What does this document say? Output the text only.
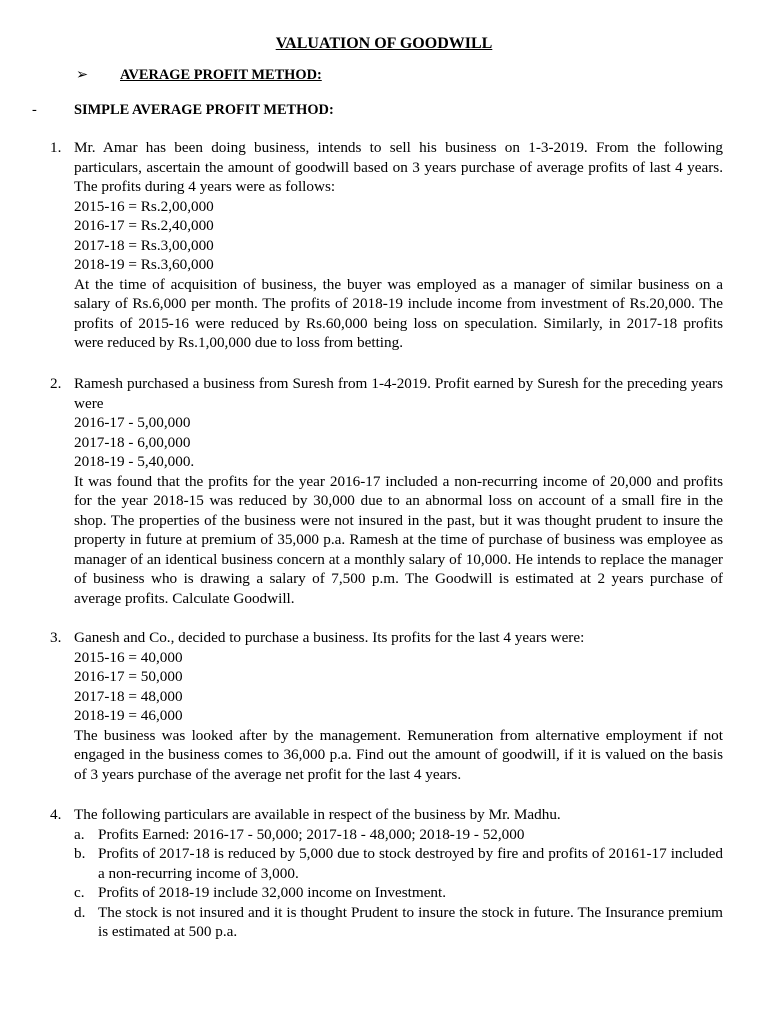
VALUATION OF GOODWILL
➢ AVERAGE PROFIT METHOD:
-	SIMPLE AVERAGE PROFIT METHOD:
1. Mr. Amar has been doing business, intends to sell his business on 1-3-2019. From the following particulars, ascertain the amount of goodwill based on 3 years purchase of average profits of last 4 years. The profits during 4 years were as follows:
2015-16 = Rs.2,00,000
2016-17 = Rs.2,40,000
2017-18 = Rs.3,00,000
2018-19 = Rs.3,60,000
At the time of acquisition of business, the buyer was employed as a manager of similar business on a salary of Rs.6,000 per month. The profits of 2018-19 include income from investment of Rs.20,000. The profits of 2015-16 were reduced by Rs.60,000 being loss on speculation. Similarly, in 2017-18 profits were reduced by Rs.1,00,000 due to loss from betting.
2. Ramesh purchased a business from Suresh from 1-4-2019. Profit earned by Suresh for the preceding years were
2016-17 - 5,00,000
2017-18 - 6,00,000
2018-19 - 5,40,000.
It was found that the profits for the year 2016-17 included a non-recurring income of 20,000 and profits for the year 2018-15 was reduced by 30,000 due to an abnormal loss on account of a small fire in the shop. The properties of the business were not insured in the past, but it was thought prudent to insure the property in future at premium of 35,000 p.a. Ramesh at the time of purchase of business was employee as manager of an identical business concern at a monthly salary of 10,000. He intends to replace the manager of business who is drawing a salary of 7,500 p.m. The Goodwill is estimated at 2 years purchase of average profits. Calculate Goodwill.
3. Ganesh and Co., decided to purchase a business. Its profits for the last 4 years were:
2015-16 = 40,000
2016-17 = 50,000
2017-18 = 48,000
2018-19 = 46,000
The business was looked after by the management. Remuneration from alternative employment if not engaged in the business comes to 36,000 p.a. Find out the amount of goodwill, if it is valued on the basis of 3 years purchase of the average net profit for the last 4 years.
4. The following particulars are available in respect of the business by Mr. Madhu.
a. Profits Earned: 2016-17 - 50,000; 2017-18 - 48,000; 2018-19 - 52,000
b. Profits of 2017-18 is reduced by 5,000 due to stock destroyed by fire and profits of 20161-17 included a non-recurring income of 3,000.
c. Profits of 2018-19 include 32,000 income on Investment.
d. The stock is not insured and it is thought Prudent to insure the stock in future. The Insurance premium is estimated at 500 p.a.
